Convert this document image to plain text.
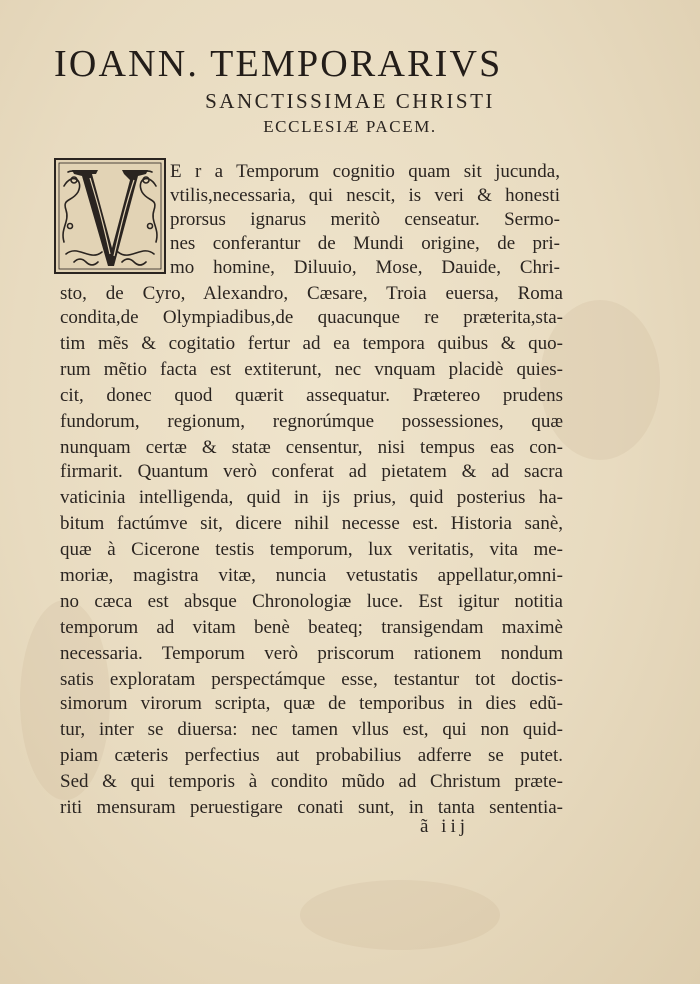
IOANN. TEMPORARIVS
SANCTISSIMAE CHRISTI
ECCLESIÆ PACEM.
E r a Temporum cognitio quam sit jucunda,
vtilis,necessaria, qui nescit, is veri & honesti
prorsus ignarus meritò censeatur. Sermo-
nes conferantur de Mundi origine, de pri-
mo homine, Diluuio, Mose, Dauide, Chri-
sto, de Cyro, Alexandro, Cæsare, Troia euersa, Roma
condita,de Olympiadibus,de quacunque re præterita,sta-
tim mẽs & cogitatio fertur ad ea tempora quibus & quo-
rum mẽtio facta est extiterunt, nec vnquam placidè quies-
cit, donec quod quærit assequatur. Prætereo prudens
fundorum, regionum, regnorúmque possessiones, quæ
nunquam certæ & statæ censentur, nisi tempus eas con-
firmarit. Quantum verò conferat ad pietatem & ad sacra
vaticinia intelligenda, quid in ijs prius, quid posterius ha-
bitum factúmve sit, dicere nihil necesse est. Historia sanè,
quæ à Cicerone testis temporum, lux veritatis, vita me-
moriæ, magistra vitæ, nuncia vetustatis appellatur,omni-
no cæca est absque Chronologiæ luce. Est igitur notitia
temporum ad vitam benè beateq; transigendam maximè
necessaria. Temporum verò priscorum rationem nondum
satis exploratam perspectámque esse, testantur tot doctis-
simorum virorum scripta, quæ de temporibus in dies edũ-
tur, inter se diuersa: nec tamen vllus est, qui non quid-
piam cæteris perfectius aut probabilius adferre se putet.
Sed & qui temporis à condito mũdo ad Christum præte-
riti mensuram peruestigare conati sunt, in tanta sententia-
ã iij
